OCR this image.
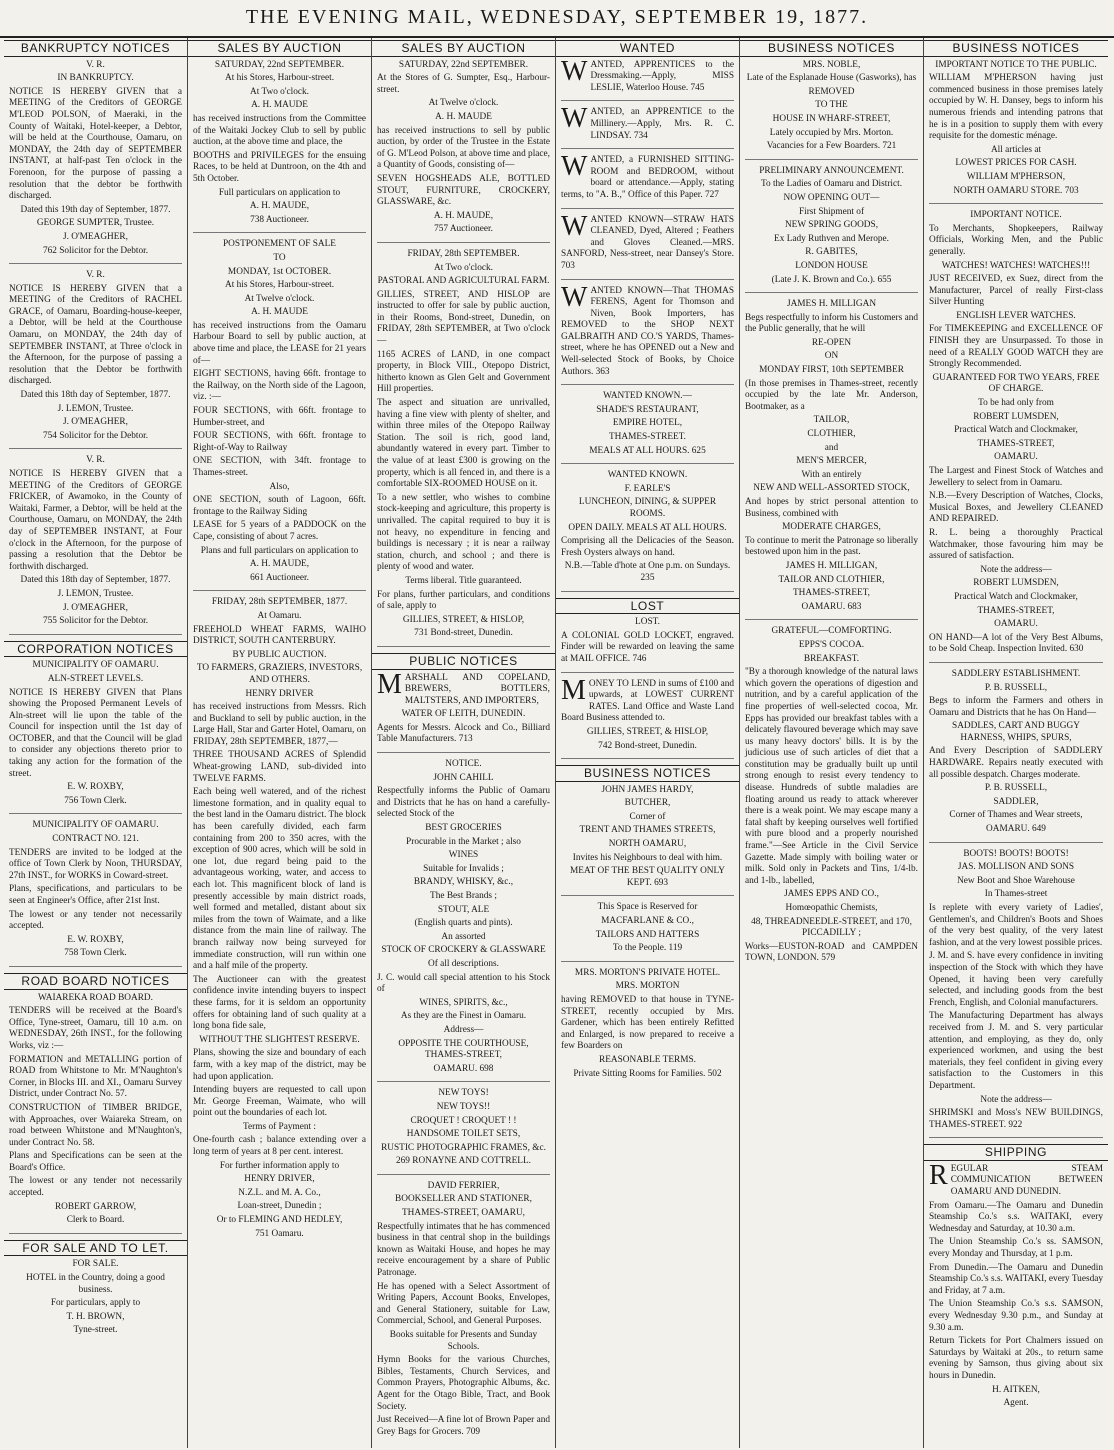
THE EVENING MAIL, WEDNESDAY, SEPTEMBER 19, 1877.
BANKRUPTCY NOTICES

V. R.

IN BANKRUPTCY.

NOTICE IS HEREBY GIVEN that a MEETING of the Creditors of GEORGE M'LEOD POLSON, of Maeraki, in the County of Waitaki, Hotel-keeper, a Debtor, will be held at the Courthouse, Oamaru, on MONDAY, the 24th day of SEPTEMBER INSTANT, at half-past Ten o'clock in the Forenoon, for the purpose of passing a resolution that the debtor be forthwith discharged.

Dated this 19th day of September, 1877.

GEORGE SUMPTER, Trustee.

J. O'MEAGHER,

762 Solicitor for the Debtor.

V. R.

NOTICE IS HEREBY GIVEN that a MEETING of the Creditors of RACHEL GRACE, of Oamaru, Boarding-house-keeper, a Debtor, will be held at the Courthouse Oamaru, on MONDAY, the 24th day of SEPTEMBER INSTANT, at Three o'clock in the Afternoon, for the purpose of passing a resolution that the Debtor be forthwith discharged.

Dated this 18th day of September, 1877.

J. LEMON, Trustee.

J. O'MEAGHER,

754 Solicitor for the Debtor.

V. R.

NOTICE IS HEREBY GIVEN that a MEETING of the Creditors of GEORGE FRICKER, of Awamoko, in the County of Waitaki, Farmer, a Debtor, will be held at the Courthouse, Oamaru, on MONDAY, the 24th day of SEPTEMBER INSTANT, at Four o'clock in the Afternoon, for the purpose of passing a resolution that the Debtor be forthwith discharged.

Dated this 18th day of September, 1877.

J. LEMON, Trustee.

J. O'MEAGHER,

755 Solicitor for the Debtor.

CORPORATION NOTICES

MUNICIPALITY OF OAMARU.

ALN-STREET LEVELS.

NOTICE IS HEREBY GIVEN that Plans showing the Proposed Permanent Levels of Aln-street will lie upon the table of the Council for inspection until the 1st day of OCTOBER, and that the Council will be glad to consider any objections thereto prior to taking any action for the formation of the street.

E. W. ROXBY,

756 Town Clerk.

MUNICIPALITY OF OAMARU.

CONTRACT NO. 121.

TENDERS are invited to be lodged at the office of Town Clerk by Noon, THURSDAY, 27th INST., for WORKS in Coward-street.

Plans, specifications, and particulars to be seen at Engineer's Office, after 21st Inst.

The lowest or any tender not necessarily accepted.

E. W. ROXBY,

758 Town Clerk.

ROAD BOARD NOTICES

WAIAREKA ROAD BOARD.

TENDERS will be received at the Board's Office, Tyne-street, Oamaru, till 10 a.m. on WEDNESDAY, 26th INST., for the following Works, viz :—

FORMATION and METALLING portion of ROAD from Whitstone to Mr. M'Naughton's Corner, in Blocks III. and XI., Oamaru Survey District, under Contract No. 57.

CONSTRUCTION of TIMBER BRIDGE, with Approaches, over Waiareka Stream, on road between Whitstone and M'Naughton's, under Contract No. 58.

Plans and Specifications can be seen at the Board's Office.

The lowest or any tender not necessarily accepted.

ROBERT GARROW,

Clerk to Board.

FOR SALE AND TO LET.

FOR SALE.

HOTEL in the Country, doing a good business.

For particulars, apply to

T. H. BROWN,

Tyne-street.

SALES BY AUCTION

SATURDAY, 22nd SEPTEMBER.

At his Stores, Harbour-street.

At Two o'clock.

A. H. MAUDE

has received instructions from the Committee of the Waitaki Jockey Club to sell by public auction, at the above time and place, the

BOOTHS and PRIVILEGES for the ensuing Races, to be held at Duntroon, on the 4th and 5th October.

Full particulars on application to

A. H. MAUDE,

738 Auctioneer.

POSTPONEMENT OF SALE

TO

MONDAY, 1st OCTOBER.

At his Stores, Harbour-street.

At Twelve o'clock.

A. H. MAUDE

has received instructions from the Oamaru Harbour Board to sell by public auction, at above time and place, the LEASE for 21 years of—

EIGHT SECTIONS, having 66ft. frontage to the Railway, on the North side of the Lagoon, viz. :—

FOUR SECTIONS, with 66ft. frontage to Humber-street, and

FOUR SECTIONS, with 66ft. frontage to Right-of-Way to Railway

ONE SECTION, with 34ft. frontage to Thames-street.

Also,

ONE SECTION, south of Lagoon, 66ft. frontage to the Railway Siding

LEASE for 5 years of a PADDOCK on the Cape, consisting of about 7 acres.

Plans and full particulars on application to

A. H. MAUDE,

661 Auctioneer.

FRIDAY, 28th SEPTEMBER, 1877.

At Oamaru.

FREEHOLD WHEAT FARMS, WAIHO DISTRICT, SOUTH CANTERBURY.

BY PUBLIC AUCTION.

TO FARMERS, GRAZIERS, INVESTORS, AND OTHERS.

HENRY DRIVER

has received instructions from Messrs. Rich and Buckland to sell by public auction, in the Large Hall, Star and Garter Hotel, Oamaru, on FRIDAY, 28th SEPTEMBER, 1877,—

THREE THOUSAND ACRES of Splendid Wheat-growing LAND, sub-divided into TWELVE FARMS.

Each being well watered, and of the richest limestone formation, and in quality equal to the best land in the Oamaru district. The block has been carefully divided, each farm containing from 200 to 350 acres, with the exception of 900 acres, which will be sold in one lot, due regard being paid to the advantageous working, water, and access to each lot. This magnificent block of land is presently accessible by main district roads, well formed and metalled, distant about six miles from the town of Waimate, and a like distance from the main line of railway. The branch railway now being surveyed for immediate construction, will run within one and a half mile of the property.

The Auctioneer can with the greatest confidence invite intending buyers to inspect these farms, for it is seldom an opportunity offers for obtaining land of such quality at a long bona fide sale,

WITHOUT THE SLIGHTEST RESERVE.

Plans, showing the size and boundary of each farm, with a key map of the district, may be had upon application.

Intending buyers are requested to call upon Mr. George Freeman, Waimate, who will point out the boundaries of each lot.

Terms of Payment :

One-fourth cash ; balance extending over a long term of years at 8 per cent. interest.

For further information apply to

HENRY DRIVER,

N.Z.L. and M. A. Co.,

Loan-street, Dunedin ;

Or to FLEMING AND HEDLEY,

751 Oamaru.

SALES BY AUCTION

SATURDAY, 22nd SEPTEMBER.

At the Stores of G. Sumpter, Esq., Harbour-street.

At Twelve o'clock.

A. H. MAUDE

has received instructions to sell by public auction, by order of the Trustee in the Estate of G. M'Leod Polson, at above time and place, a Quantity of Goods, consisting of—

SEVEN HOGSHEADS ALE, BOTTLED STOUT, FURNITURE, CROCKERY, GLASSWARE, &c.

A. H. MAUDE,

757 Auctioneer.

FRIDAY, 28th SEPTEMBER.

At Two o'clock.

PASTORAL AND AGRICULTURAL FARM.

GILLIES, STREET, AND HISLOP are instructed to offer for sale by public auction, in their Rooms, Bond-street, Dunedin, on FRIDAY, 28th SEPTEMBER, at Two o'clock—

1165 ACRES of LAND, in one compact property, in Block VIII., Otepopo District, hitherto known as Glen Gelt and Government Hill properties.

The aspect and situation are unrivalled, having a fine view with plenty of shelter, and within three miles of the Otepopo Railway Station. The soil is rich, good land, abundantly watered in every part. Timber to the value of at least £300 is growing on the property, which is all fenced in, and there is a comfortable SIX-ROOMED HOUSE on it.

To a new settler, who wishes to combine stock-keeping and agriculture, this property is unrivalled. The capital required to buy it is not heavy, no expenditure in fencing and buildings is necessary ; it is near a railway station, church, and school ; and there is plenty of wood and water.

Terms liberal. Title guaranteed.

For plans, further particulars, and conditions of sale, apply to

GILLIES, STREET, & HISLOP,

731 Bond-street, Dunedin.

PUBLIC NOTICES

MARSHALL AND COPELAND, BREWERS, BOTTLERS, MALTSTERS, AND IMPORTERS,

WATER OF LEITH, DUNEDIN.

Agents for Messrs. Alcock and Co., Billiard Table Manufacturers. 713

NOTICE.

JOHN CAHILL

Respectfully informs the Public of Oamaru and Districts that he has on hand a carefully-selected Stock of the

BEST GROCERIES

Procurable in the Market ; also

WINES

Suitable for Invalids ;

BRANDY, WHISKY, &c.,

The Best Brands ;

STOUT, ALE

(English quarts and pints).

An assorted

STOCK OF CROCKERY & GLASSWARE

Of all descriptions.

J. C. would call special attention to his Stock of

WINES, SPIRITS, &c.,

As they are the Finest in Oamaru.

Address—

OPPOSITE THE COURTHOUSE, THAMES-STREET,

OAMARU. 698

NEW TOYS!

NEW TOYS!!

CROQUET ! CROQUET ! !

HANDSOME TOILET SETS,

RUSTIC PHOTOGRAPHIC FRAMES, &c.

269 RONAYNE AND COTTRELL.

DAVID FERRIER,

BOOKSELLER AND STATIONER,

THAMES-STREET, OAMARU,

Respectfully intimates that he has commenced business in that central shop in the buildings known as Waitaki House, and hopes he may receive encouragement by a share of Public Patronage.

He has opened with a Select Assortment of Writing Papers, Account Books, Envelopes, and General Stationery, suitable for Law, Commercial, School, and General Purposes.

Books suitable for Presents and Sunday Schools.

Hymn Books for the various Churches, Bibles, Testaments, Church Services, and Common Prayers, Photographic Albums, &c. Agent for the Otago Bible, Tract, and Book Society.

Just Received—A fine lot of Brown Paper and Grey Bags for Grocers. 709

WANTED

WANTED, APPRENTICES to the Dressmaking.—Apply, MISS LESLIE, Waterloo House. 745

WANTED, an APPRENTICE to the Millinery.—Apply, Mrs. R. C. LINDSAY. 734

WANTED, a FURNISHED SITTING-ROOM and BEDROOM, without board or attendance.—Apply, stating terms, to "A. B.," Office of this Paper. 727

WANTED KNOWN—STRAW HATS CLEANED, Dyed, Altered ; Feathers and Gloves Cleaned.—MRS. SANFORD, Ness-street, near Dansey's Store. 703

WANTED KNOWN—That THOMAS FERENS, Agent for Thomson and Niven, Book Importers, has REMOVED to the SHOP NEXT GALBRAITH AND CO.'S YARDS, Thames-street, where he has OPENED out a New and Well-selected Stock of Books, by Choice Authors. 363

WANTED KNOWN.—

SHADE'S RESTAURANT,

EMPIRE HOTEL,

THAMES-STREET.

MEALS AT ALL HOURS. 625

WANTED KNOWN.

F. EARLE'S

LUNCHEON, DINING, & SUPPER ROOMS.

OPEN DAILY. MEALS AT ALL HOURS.

Comprising all the Delicacies of the Season. Fresh Oysters always on hand.

N.B.—Table d'hote at One p.m. on Sundays. 235

LOST

LOST.

A COLONIAL GOLD LOCKET, engraved. Finder will be rewarded on leaving the same at MAIL OFFICE. 746

MONEY TO LEND in sums of £100 and upwards, at LOWEST CURRENT RATES. Land Office and Waste Land Board Business attended to.

GILLIES, STREET, & HISLOP,

742 Bond-street, Dunedin.

BUSINESS NOTICES

JOHN JAMES HARDY,

BUTCHER,

Corner of

TRENT AND THAMES STREETS,

NORTH OAMARU,

Invites his Neighbours to deal with him.

MEAT OF THE BEST QUALITY ONLY KEPT. 693

This Space is Reserved for

MACFARLANE & CO.,

TAILORS AND HATTERS

To the People. 119

MRS. MORTON'S PRIVATE HOTEL.

MRS. MORTON

having REMOVED to that house in TYNE-STREET, recently occupied by Mrs. Gardener, which has been entirely Refitted and Enlarged, is now prepared to receive a few Boarders on

REASONABLE TERMS.

Private Sitting Rooms for Families. 502

BUSINESS NOTICES

MRS. NOBLE,

Late of the Esplanade House (Gasworks), has

REMOVED

TO THE

HOUSE IN WHARF-STREET,

Lately occupied by Mrs. Morton.

Vacancies for a Few Boarders. 721

PRELIMINARY ANNOUNCEMENT.

To the Ladies of Oamaru and District.

NOW OPENING OUT—

First Shipment of

NEW SPRING GOODS,

Ex Lady Ruthven and Merope.

R. GABITES,

LONDON HOUSE

(Late J. K. Brown and Co.). 655

JAMES H. MILLIGAN

Begs respectfully to inform his Customers and the Public generally, that he will

RE-OPEN

ON

MONDAY FIRST, 10th SEPTEMBER

(In those premises in Thames-street, recently occupied by the late Mr. Anderson, Bootmaker, as a

TAILOR,

CLOTHIER,

and

MEN'S MERCER,

With an entirely

NEW AND WELL-ASSORTED STOCK,

And hopes by strict personal attention to Business, combined with

MODERATE CHARGES,

To continue to merit the Patronage so liberally bestowed upon him in the past.

JAMES H. MILLIGAN,

TAILOR AND CLOTHIER,

THAMES-STREET,

OAMARU. 683

GRATEFUL—COMFORTING.

EPPS'S COCOA.

BREAKFAST.

"By a thorough knowledge of the natural laws which govern the operations of digestion and nutrition, and by a careful application of the fine properties of well-selected cocoa, Mr. Epps has provided our breakfast tables with a delicately flavoured beverage which may save us many heavy doctors' bills. It is by the judicious use of such articles of diet that a constitution may be gradually built up until strong enough to resist every tendency to disease. Hundreds of subtle maladies are floating around us ready to attack wherever there is a weak point. We may escape many a fatal shaft by keeping ourselves well fortified with pure blood and a properly nourished frame."—See Article in the Civil Service Gazette. Made simply with boiling water or milk. Sold only in Packets and Tins, 1/4-lb. and 1-lb., labelled,

JAMES EPPS AND CO.,

Homœopathic Chemists,

48, THREADNEEDLE-STREET, and 170, PICCADILLY ;

Works—EUSTON-ROAD and CAMPDEN TOWN, LONDON. 579

BUSINESS NOTICES

IMPORTANT NOTICE TO THE PUBLIC.

WILLIAM M'PHERSON having just commenced business in those premises lately occupied by W. H. Dansey, begs to inform his numerous friends and intending patrons that he is in a position to supply them with every requisite for the domestic ménage.

All articles at

LOWEST PRICES FOR CASH.

WILLIAM M'PHERSON,

NORTH OAMARU STORE. 703

IMPORTANT NOTICE.

To Merchants, Shopkeepers, Railway Officials, Working Men, and the Public generally.

WATCHES! WATCHES! WATCHES!!!

JUST RECEIVED, ex Suez, direct from the Manufacturer, Parcel of really First-class Silver Hunting

ENGLISH LEVER WATCHES.

For TIMEKEEPING and EXCELLENCE OF FINISH they are Unsurpassed. To those in need of a REALLY GOOD WATCH they are Strongly Recommended.

GUARANTEED FOR TWO YEARS, FREE OF CHARGE.

To be had only from

ROBERT LUMSDEN,

Practical Watch and Clockmaker,

THAMES-STREET,

OAMARU.

The Largest and Finest Stock of Watches and Jewellery to select from in Oamaru.

N.B.—Every Description of Watches, Clocks, Musical Boxes, and Jewellery CLEANED AND REPAIRED.

R. L. being a thoroughly Practical Watchmaker, those favouring him may be assured of satisfaction.

Note the address—

ROBERT LUMSDEN,

Practical Watch and Clockmaker,

THAMES-STREET,

OAMARU.

ON HAND—A lot of the Very Best Albums, to be Sold Cheap. Inspection Invited. 630

SADDLERY ESTABLISHMENT.

P. B. RUSSELL,

Begs to inform the Farmers and others in Oamaru and Districts that he has On Hand—

SADDLES, CART AND BUGGY HARNESS, WHIPS, SPURS,

And Every Description of SADDLERY HARDWARE. Repairs neatly executed with all possible despatch. Charges moderate.

P. B. RUSSELL,

SADDLER,

Corner of Thames and Wear streets,

OAMARU. 649

BOOTS! BOOTS! BOOTS!

JAS. MOLLISON AND SONS

New Boot and Shoe Warehouse

In Thames-street

Is replete with every variety of Ladies', Gentlemen's, and Children's Boots and Shoes of the very best quality, of the very latest fashion, and at the very lowest possible prices.

J. M. and S. have every confidence in inviting inspection of the Stock with which they have Opened, it having been very carefully selected, and including goods from the best French, English, and Colonial manufacturers.

The Manufacturing Department has always received from J. M. and S. very particular attention, and employing, as they do, only experienced workmen, and using the best materials, they feel confident in giving every satisfaction to the Customers in this Department.

Note the address—

SHRIMSKI and Moss's NEW BUILDINGS, THAMES-STREET. 922

SHIPPING

REGULAR STEAM COMMUNICATION BETWEEN OAMARU AND DUNEDIN.

From Oamaru.—The Oamaru and Dunedin Steamship Co.'s s.s. WAITAKI, every Wednesday and Saturday, at 10.30 a.m.

The Union Steamship Co.'s ss. SAMSON, every Monday and Thursday, at 1 p.m.

From Dunedin.—The Oamaru and Dunedin Steamship Co.'s s.s. WAITAKI, every Tuesday and Friday, at 7 a.m.

The Union Steamship Co.'s s.s. SAMSON, every Wednesday 9.30 p.m., and Sunday at 9.30 a.m.

Return Tickets for Port Chalmers issued on Saturdays by Waitaki at 20s., to return same evening by Samson, thus giving about six hours in Dunedin.

H. AITKEN,

Agent.
